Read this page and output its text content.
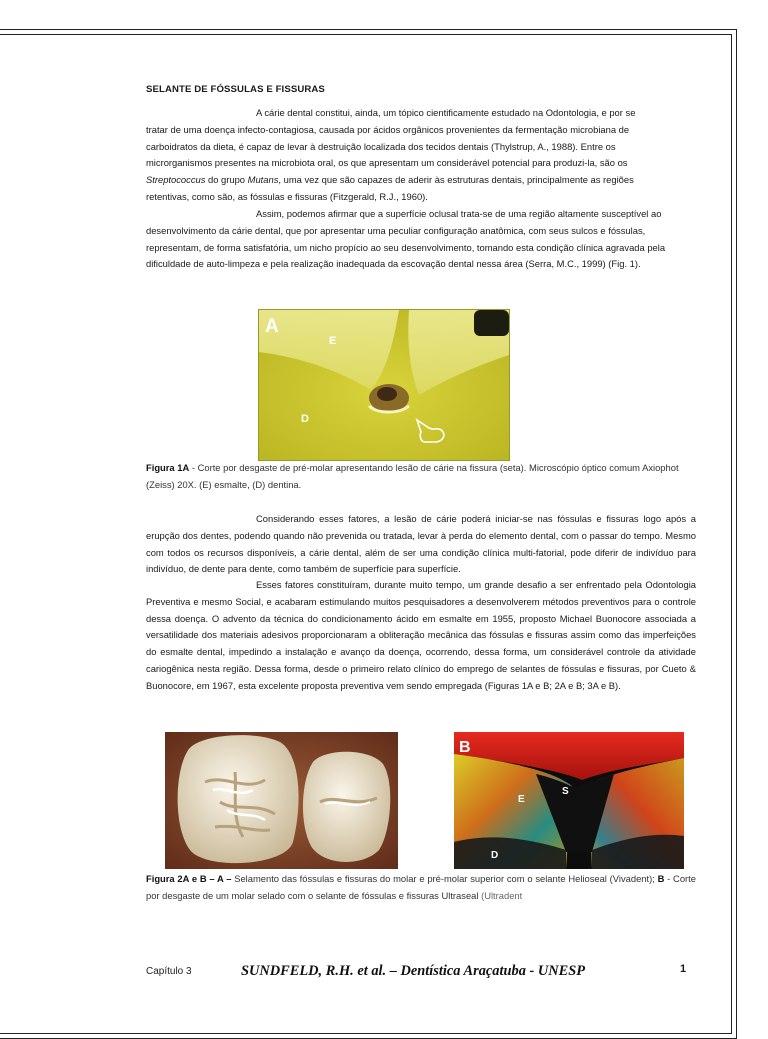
SELANTE DE FÓSSULAS E FISSURAS

A cárie dental constitui, ainda, um tópico cientificamente estudado na Odontologia, e por se
tratar de uma doença infecto-contagiosa, causada por ácidos orgânicos provenientes da fermentação microbiana de
carboidratos da dieta, é capaz de levar à destruição localizada dos tecidos dentais (Thylstrup, A., 1988). Entre os
microrganismos presentes na microbiota oral, os que apresentam um considerável potencial para produzi-la, são os
Streptococcus do grupo Mutans, uma vez que são capazes de aderir às estruturas dentais, principalmente as regiões
retentivas, como são, as fóssulas e fissuras (Fitzgerald, R.J., 1960).

Assim, podemos afirmar que a superfície oclusal trata-se de uma região altamente susceptível ao desenvolvimento da cárie dental, que por apresentar uma peculiar configuração anatômica, com seus sulcos e fóssulas, representam, de forma satisfatória, um nicho propício ao seu desenvolvimento, tomando esta condição clínica agravada pela dificuldade de auto-limpeza e pela realização inadequada da escovação dental nessa área (Serra, M.C., 1999) (Fig. 1).

A
E
D

Figura 1A - Corte por desgaste de pré-molar apresentando lesão de cárie na fissura (seta). Microscópio óptico comum Axiophot (Zeiss) 20X. (E) esmalte, (D) dentina.

Considerando esses fatores, a lesão de cárie poderá iniciar-se nas fóssulas e fissuras logo após a erupção dos dentes, podendo quando não prevenida ou tratada, levar à perda do elemento dental, com o passar do tempo. Mesmo com todos os recursos disponíveis, a cárie dental, além de ser uma condição clínica multi-fatorial, pode diferir de indivíduo para indivíduo, de dente para dente, como também de superfície para superfície.

Esses fatores constituíram, durante muito tempo, um grande desafio a ser enfrentado pela Odontologia Preventiva e mesmo Social, e acabaram estimulando muitos pesquisadores a desenvolverem métodos preventivos para o controle dessa doença. O advento da técnica do condicionamento ácido em esmalte em 1955, proposto Michael Buonocore associada a versatilidade dos materiais adesivos proporcionaram a obliteração mecânica das fóssulas e fissuras assim como das imperfeições do esmalte dental, impedindo a instalação e avanço da doença, ocorrendo, dessa forma, um considerável controle da atividade cariogênica nesta região. Dessa forma, desde o primeiro relato clínico do emprego de selantes de fóssulas e fissuras, por Cueto & Buonocore, em 1967, esta excelente proposta preventiva vem sendo empregada (Figuras 1A e B; 2A e B; 3A e B).

B
E
S
D

Figura 2A e B – A – Selamento das fóssulas e fissuras do molar e pré-molar superior com o selante Helioseal (Vivadent); B - Corte por desgaste de um molar selado com o selante de fóssulas e fissuras Ultraseal (Ultradent

Capítulo 3	SUNDFELD, R.H. et al. – Dentística Araçatuba - UNESP	1
